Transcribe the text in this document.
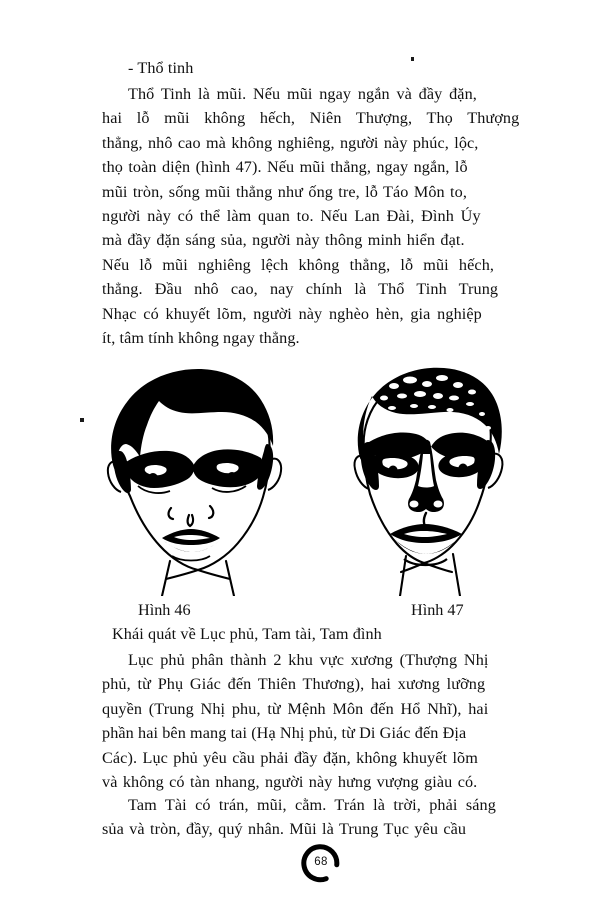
- Thổ tinh
Thổ Tinh là mũi. Nếu mũi ngay ngắn và đầy đặn,
hai lỗ mũi không hếch, Niên Thượng, Thọ Thượng
thẳng, nhô cao mà không nghiêng, người này phúc, lộc,
thọ toàn diện (hình 47). Nếu mũi thẳng, ngay ngắn, lỗ
mũi tròn, sống mũi thẳng như ống tre, lỗ Táo Môn to,
người này có thể làm quan to. Nếu Lan Đài, Đình Úy
mà đầy đặn sáng sủa, người này thông minh hiển đạt.
Nếu lỗ mũi nghiêng lệch không thẳng, lỗ mũi hếch,
thẳng. Đầu nhô cao, nay chính là Thổ Tinh Trung
Nhạc có khuyết lõm, người này nghèo hèn, gia nghiệp
ít, tâm tính không ngay thẳng.
Hình 46	Hình 47
Khái quát về Lục phủ, Tam tài, Tam đình
Lục phủ phân thành 2 khu vực xương (Thượng Nhị
phủ, từ Phụ Giác đến Thiên Thương), hai xương lưỡng
quyền (Trung Nhị phu, từ Mệnh Môn đến Hổ Nhĩ), hai
phần hai bên mang tai (Hạ Nhị phủ, từ Di Giác đến Địa
Các). Lục phủ yêu cầu phải đầy đặn, không khuyết lõm
và không có tàn nhang, người này hưng vượng giàu có.
Tam Tài có trán, mũi, cằm. Trán là trời, phải sáng
sủa và tròn, đầy, quý nhân. Mũi là Trung Tục yêu cầu
68
